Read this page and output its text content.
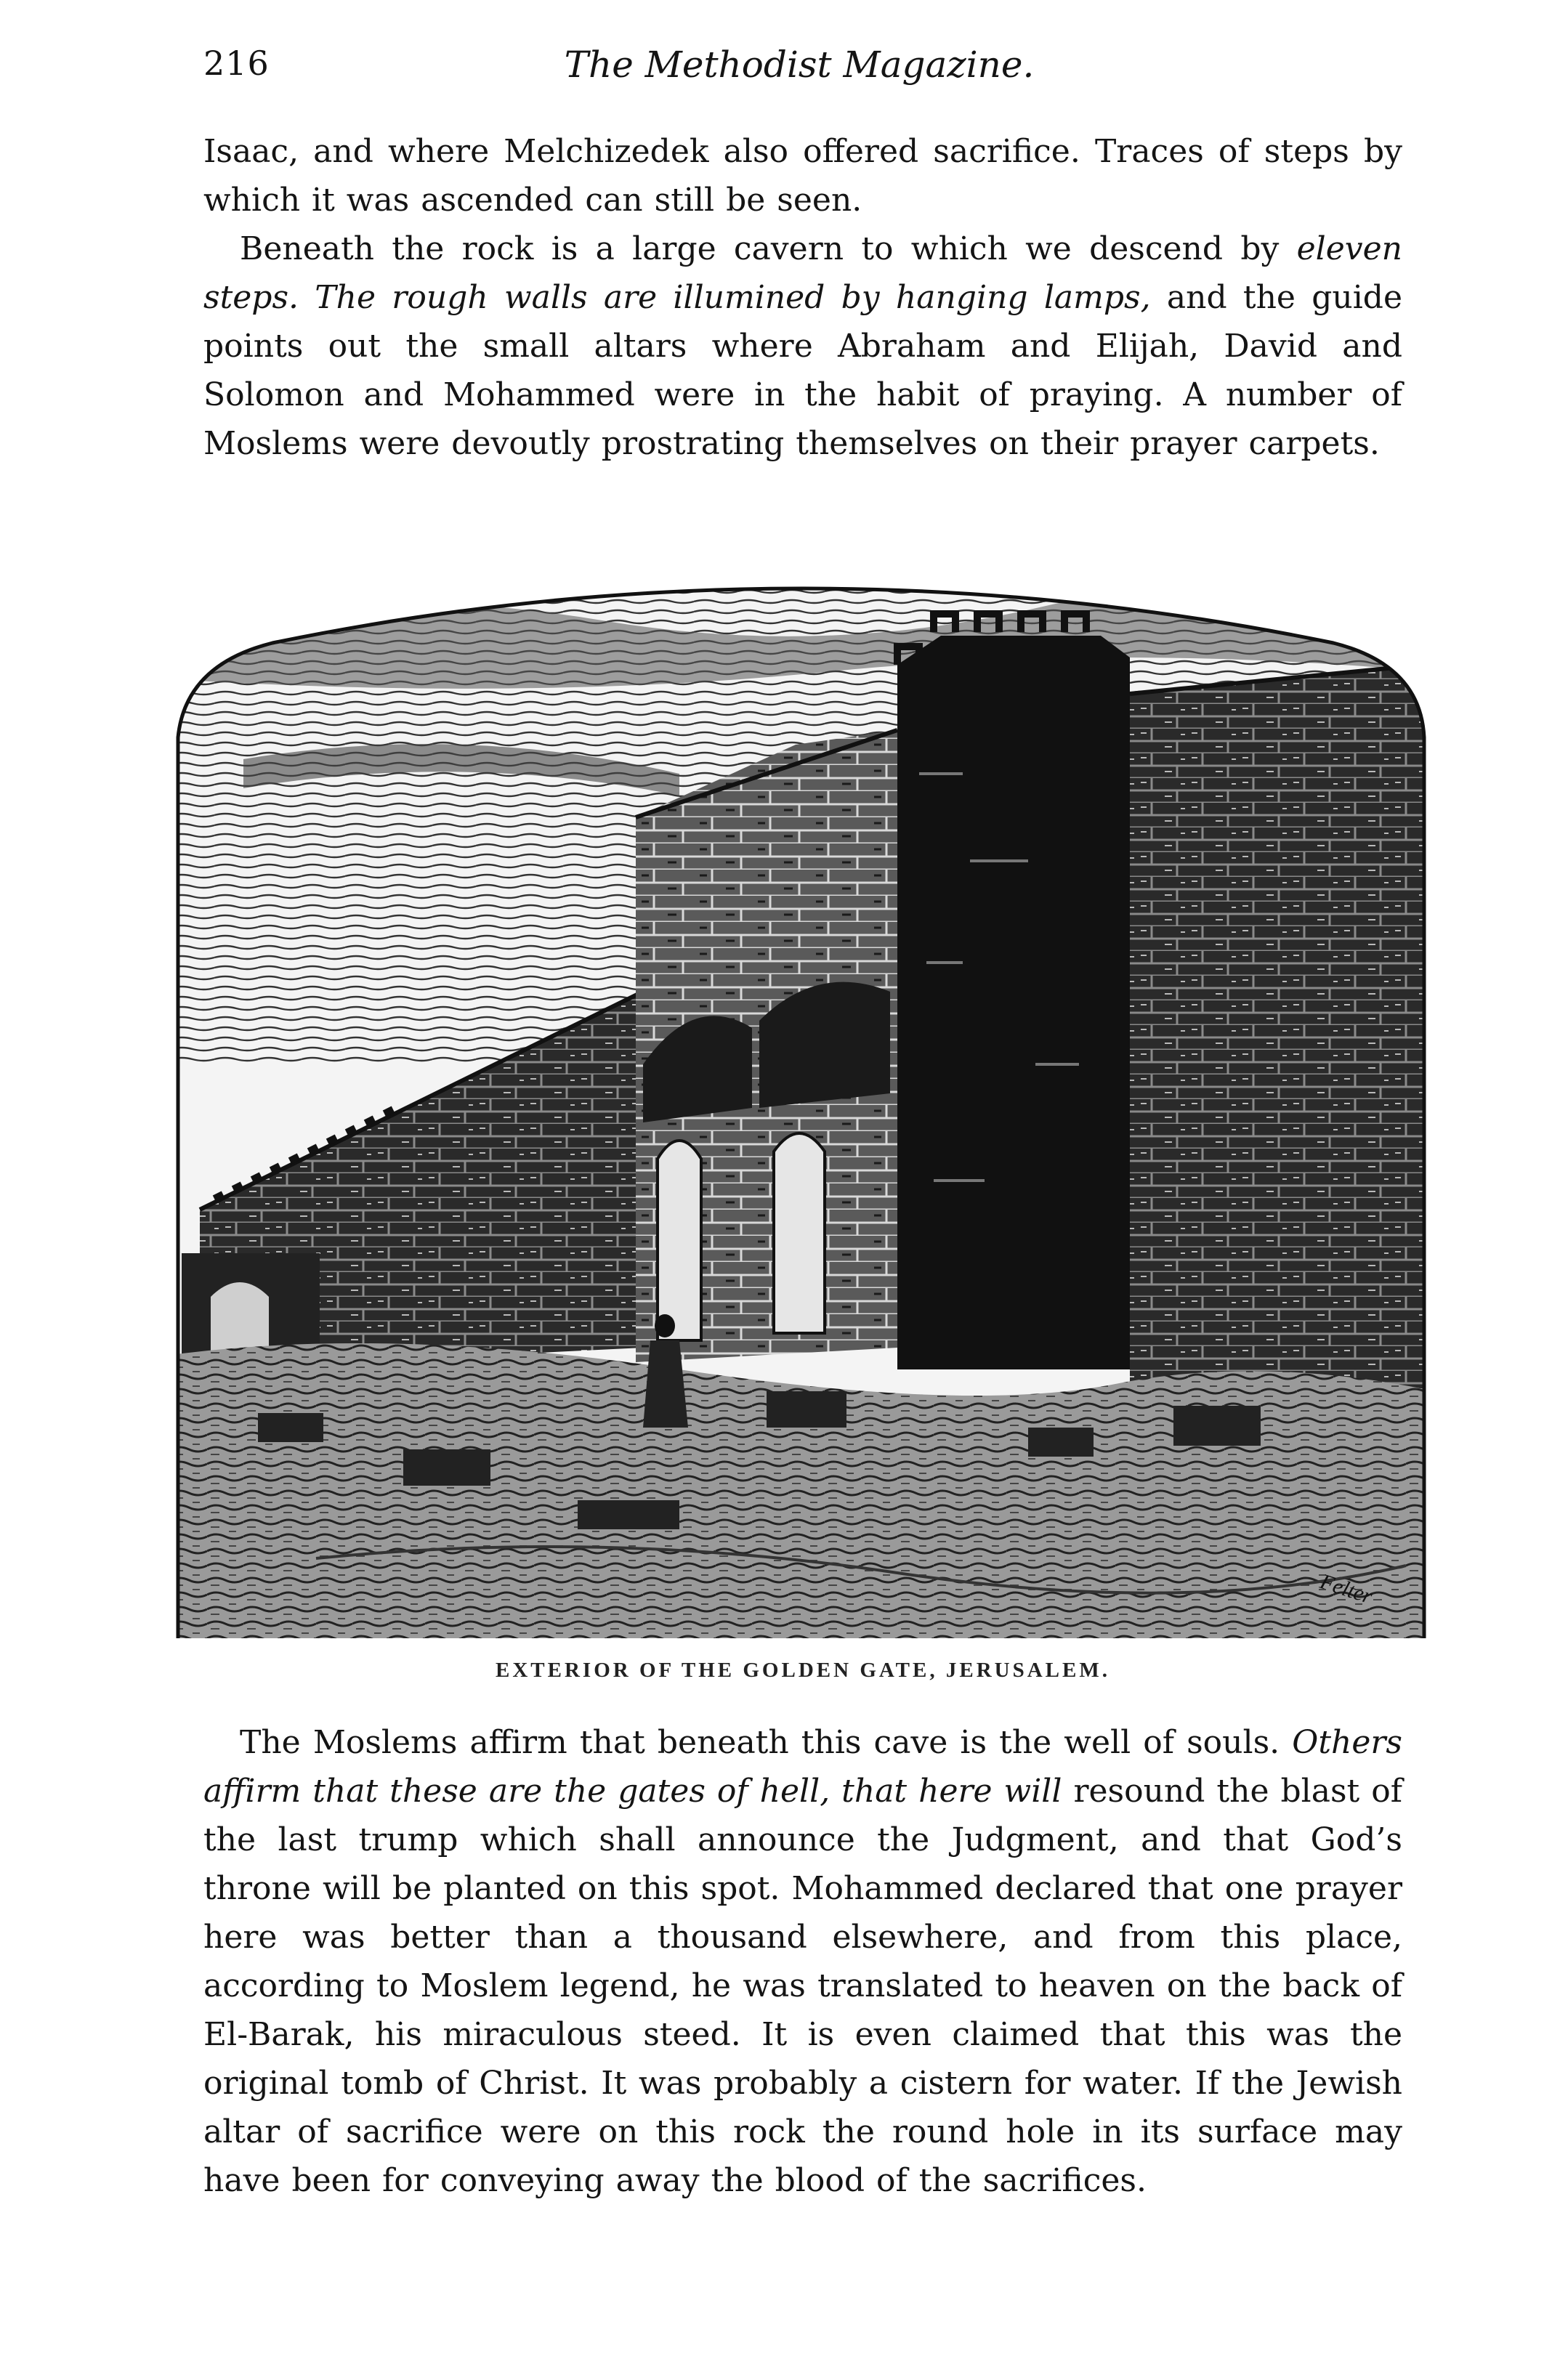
216	The Methodist Magazine.

Isaac, and where Melchizedek also offered sacrifice. Traces of steps by which it was ascended can still be seen.

Beneath the rock is a large cavern to which we descend by eleven steps. The rough walls are illumined by hanging lamps, and the guide points out the small altars where Abraham and Elijah, David and Solomon and Mohammed were in the habit of praying. A number of Moslems were devoutly prostrating themselves on their prayer carpets.

Felter
EXTERIOR OF THE GOLDEN GATE, JERUSALEM.

The Moslems affirm that beneath this cave is the well of souls. Others affirm that these are the gates of hell, that here will resound the blast of the last trump which shall announce the Judgment, and that God’s throne will be planted on this spot. Mohammed declared that one prayer here was better than a thousand elsewhere, and from this place, according to Moslem legend, he was translated to heaven on the back of El-Barak, his miraculous steed. It is even claimed that this was the original tomb of Christ. It was probably a cistern for water. If the Jewish altar of sacrifice were on this rock the round hole in its surface may have been for conveying away the blood of the sacrifices.
